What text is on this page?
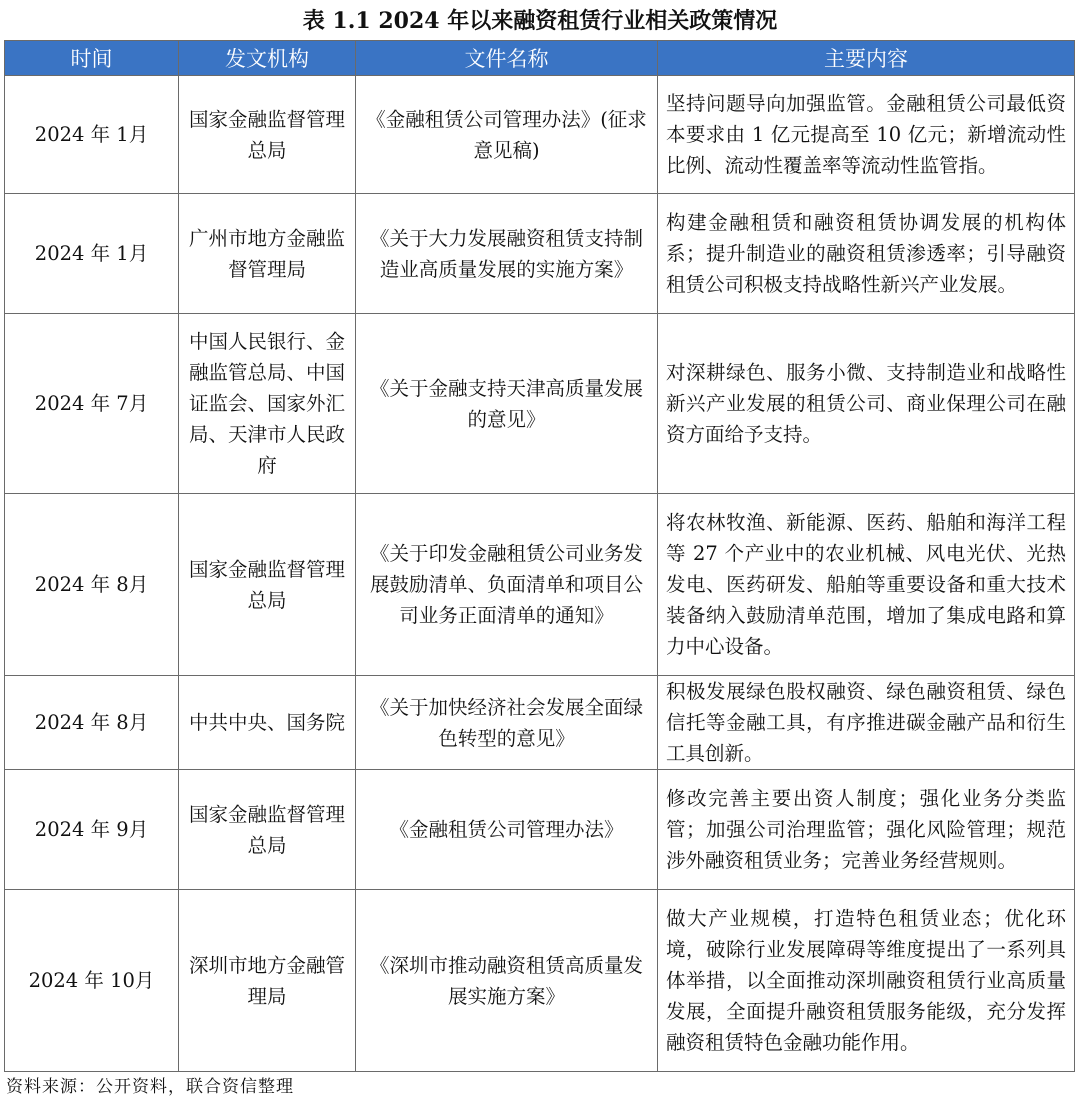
表 1.1 2024 年以来融资租赁行业相关政策情况
时间	发文机构	文件名称	主要内容
2024 年 1月	国家金融监督管理总局	《金融租赁公司管理办法》(征求意见稿)	坚持问题导向加强监管。金融租赁公司最低资本要求由 1 亿元提高至 10 亿元；新增流动性比例、流动性覆盖率等流动性监管指。
2024 年 1月	广州市地方金融监督管理局	《关于大力发展融资租赁支持制造业高质量发展的实施方案》	构建金融租赁和融资租赁协调发展的机构体系；提升制造业的融资租赁渗透率；引导融资租赁公司积极支持战略性新兴产业发展。
2024 年 7月	中国人民银行、金融监管总局、中国证监会、国家外汇局、天津市人民政府	《关于金融支持天津高质量发展的意见》	对深耕绿色、服务小微、支持制造业和战略性新兴产业发展的租赁公司、商业保理公司在融资方面给予支持。
2024 年 8月	国家金融监督管理总局	《关于印发金融租赁公司业务发展鼓励清单、负面清单和项目公司业务正面清单的通知》	将农林牧渔、新能源、医药、船舶和海洋工程等 27 个产业中的农业机械、风电光伏、光热发电、医药研发、船舶等重要设备和重大技术装备纳入鼓励清单范围，增加了集成电路和算力中心设备。
2024 年 8月	中共中央、国务院	《关于加快经济社会发展全面绿色转型的意见》	积极发展绿色股权融资、绿色融资租赁、绿色信托等金融工具，有序推进碳金融产品和衍生工具创新。
2024 年 9月	国家金融监督管理总局	《金融租赁公司管理办法》	修改完善主要出资人制度；强化业务分类监管；加强公司治理监管；强化风险管理；规范涉外融资租赁业务；完善业务经营规则。
2024 年 10月	深圳市地方金融管理局	《深圳市推动融资租赁高质量发展实施方案》	做大产业规模，打造特色租赁业态；优化环境，破除行业发展障碍等维度提出了一系列具体举措，以全面推动深圳融资租赁行业高质量发展，全面提升融资租赁服务能级，充分发挥融资租赁特色金融功能作用。
资料来源：公开资料，联合资信整理
